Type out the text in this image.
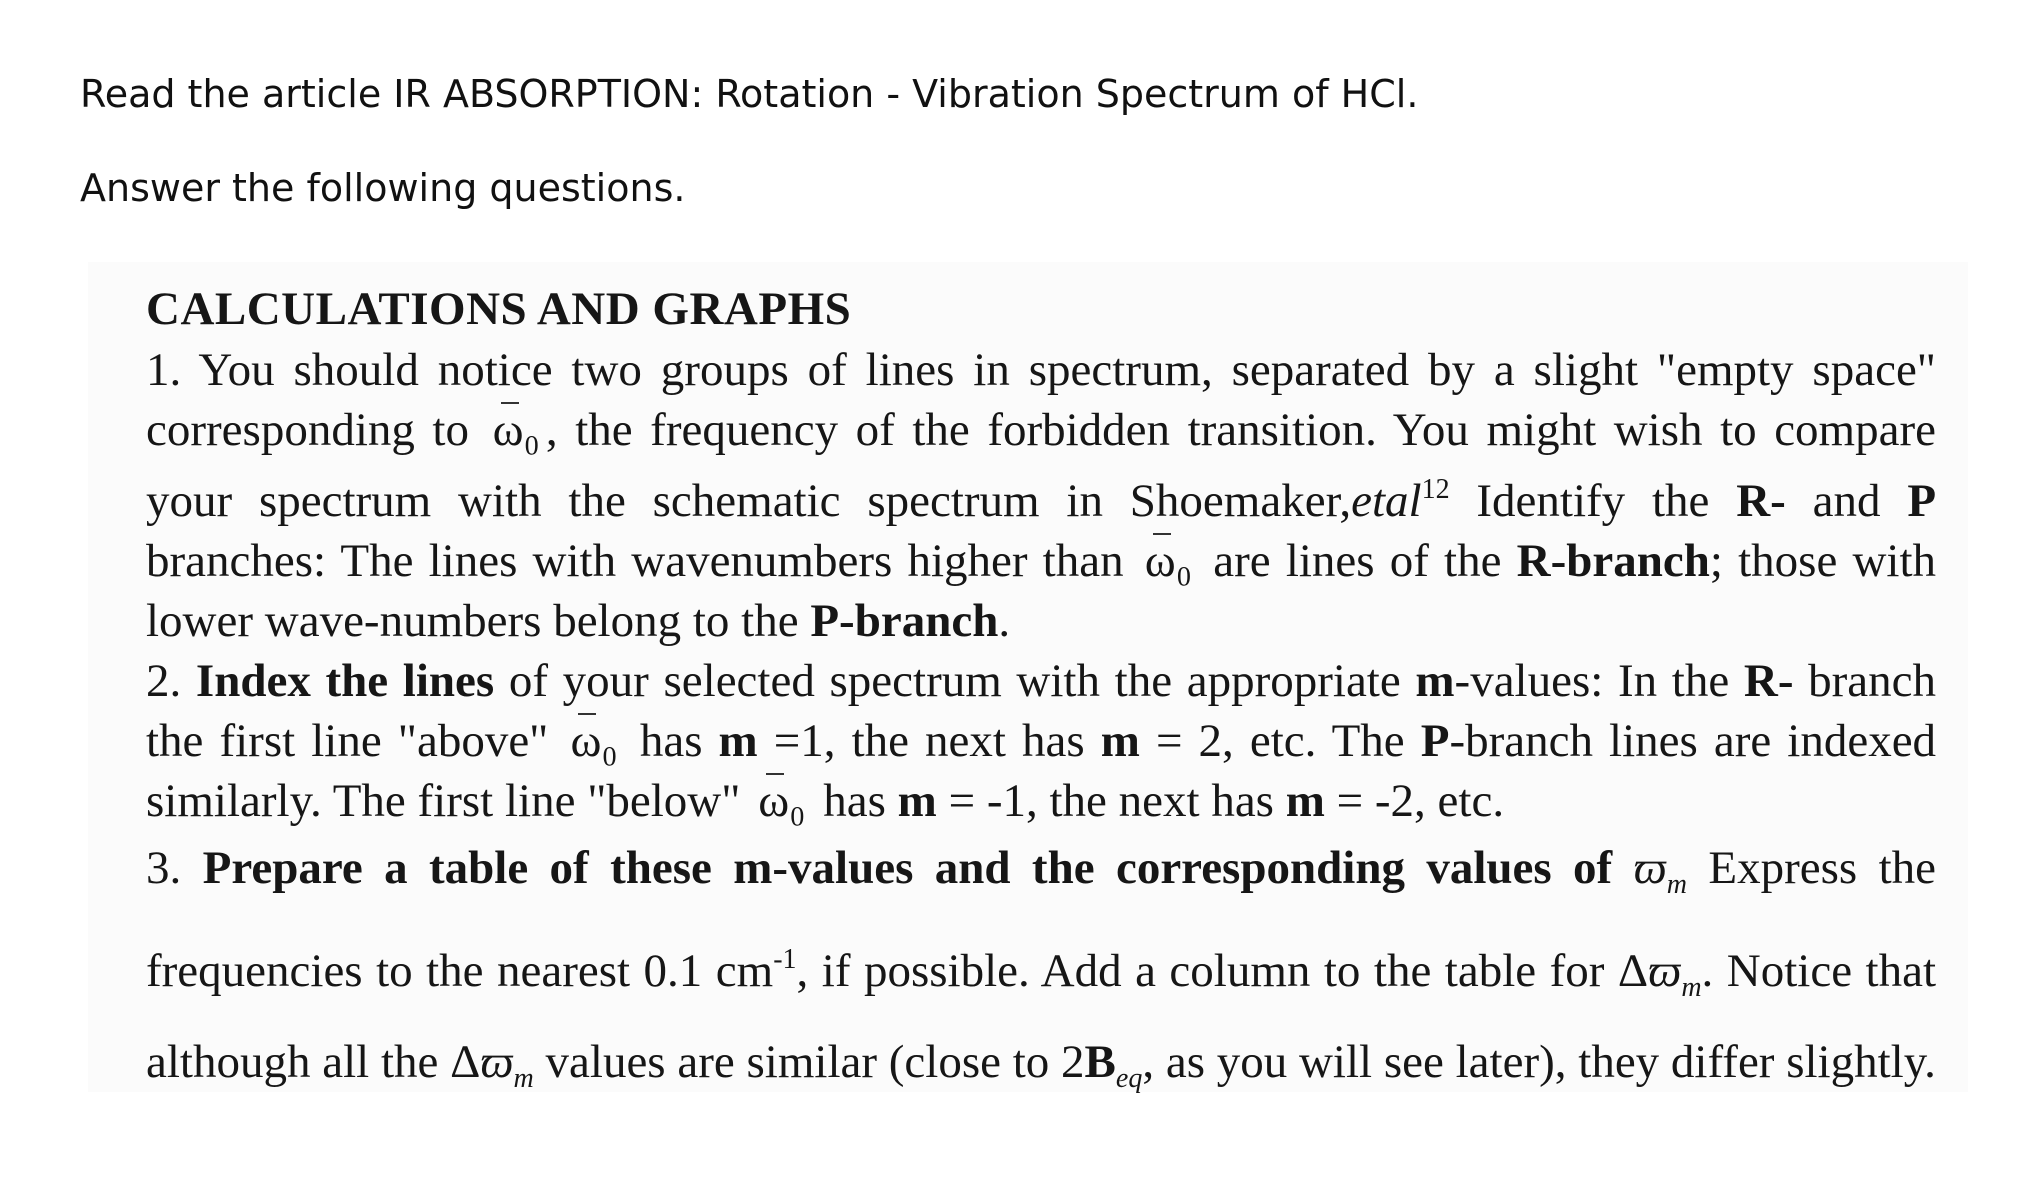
Read the article IR ABSORPTION: Rotation - Vibration Spectrum of HCl.
Answer the following questions.
CALCULATIONS AND GRAPHS

1. You should notice two groups of lines in spectrum, separated by a slight "empty space" corresponding to ω₀ , the frequency of the forbidden transition. You might wish to compare your spectrum with the schematic spectrum in Shoemaker,etal$^{12}$ Identify the R- and P branches: The lines with wavenumbers higher than ω₀ are lines of the R-branch; those with lower wave-numbers belong to the P-branch.

2. Index the lines of your selected spectrum with the appropriate m-values: In the R- branch the first line "above" ω₀ has m =1, the next has m = 2, etc. The P-branch lines are indexed similarly. The first line "below" ω₀ has m = -1, the next has m = -2, etc.

3. Prepare a table of these m-values and the corresponding values of $ϖ_m$ Express the frequencies to the nearest 0.1 $cm^{-1}$, if possible. Add a column to the table for $\Delta ϖ_m$. Notice that although all the $\Delta ϖ_m$ values are similar (close to $2B_{eq}$, as you will see later), they differ slightly.
